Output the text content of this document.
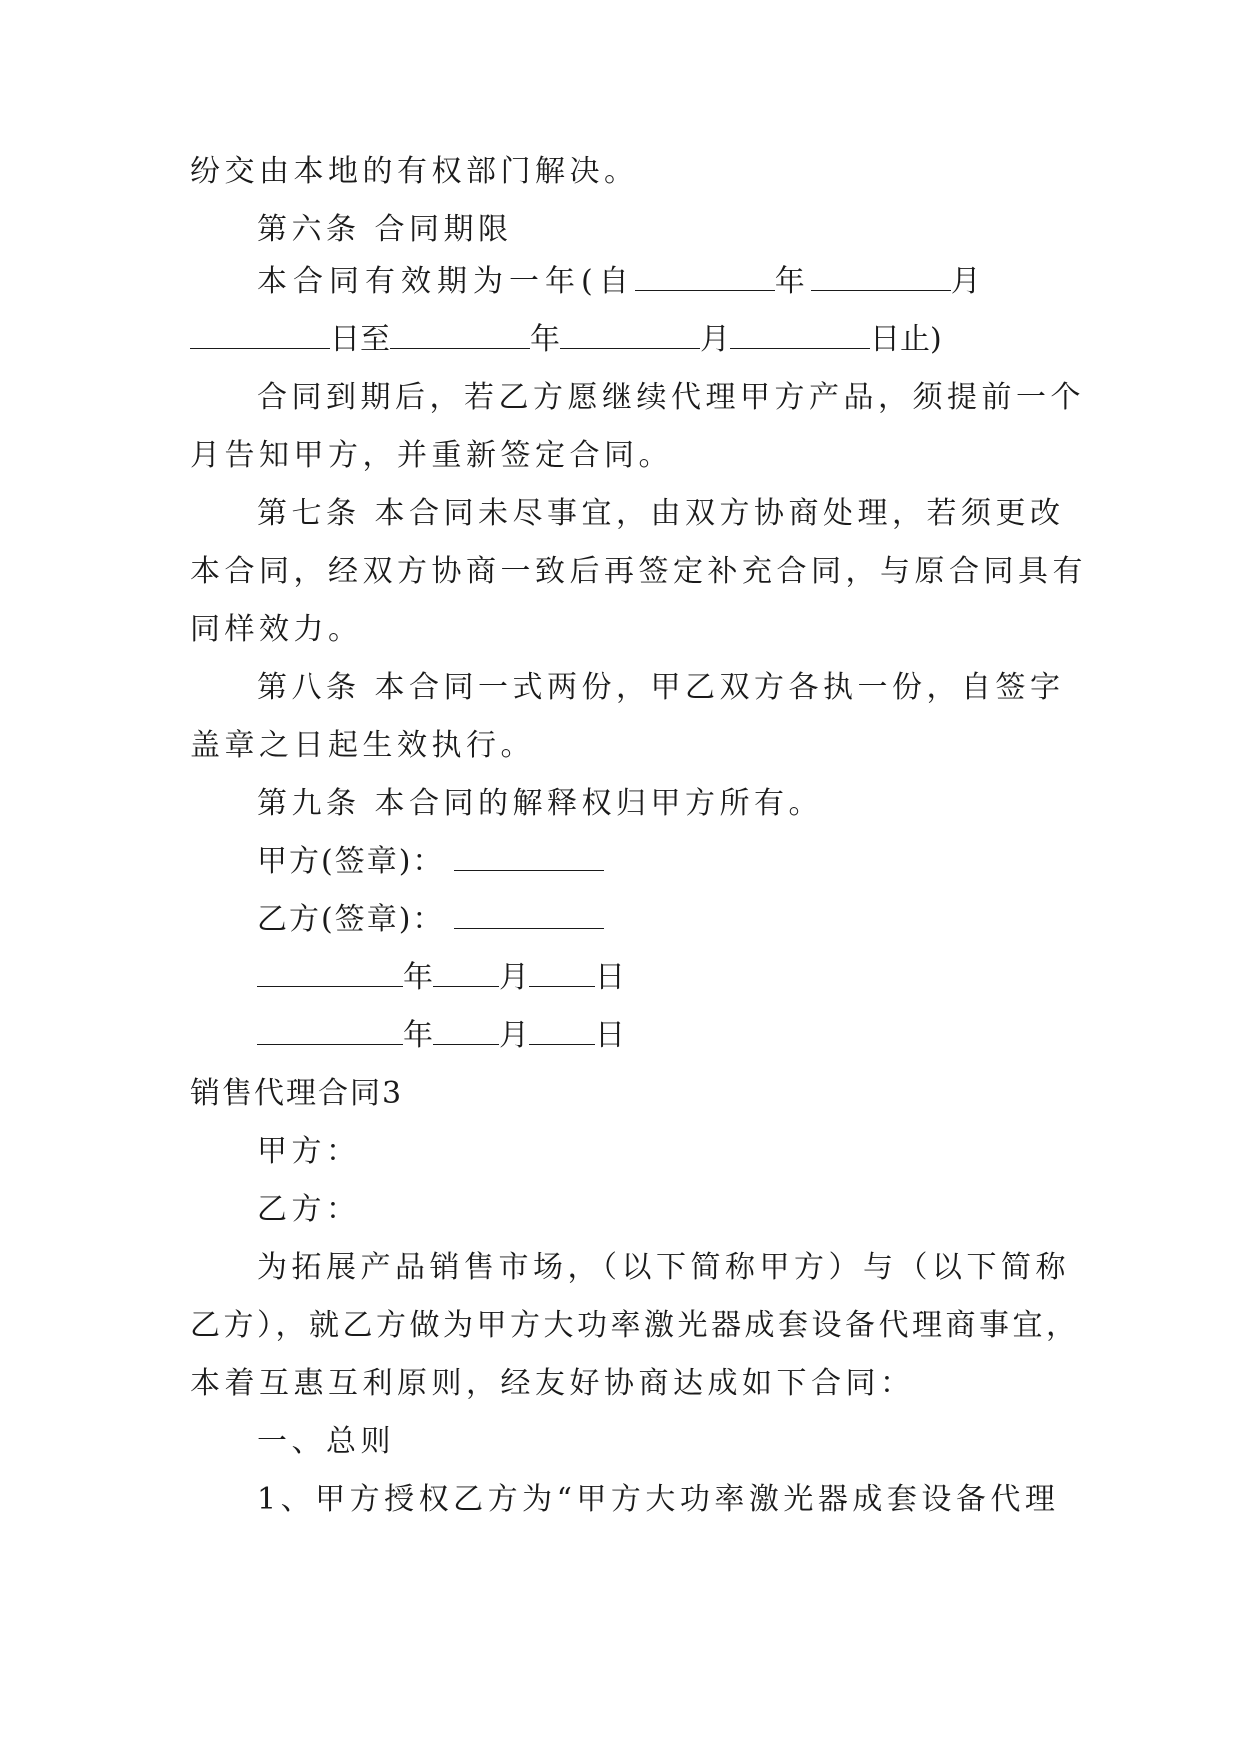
纷交由本地的有权部门解决。
第六条 合同期限
本合同有效期为一年(自	年	月
日至	年	月	日止)
合同到期后，若乙方愿继续代理甲方产品，须提前一个
月告知甲方，并重新签定合同。
第七条 本合同未尽事宜，由双方协商处理，若须更改
本合同，经双方协商一致后再签定补充合同，与原合同具有
同样效力。
第八条 本合同一式两份，甲乙双方各执一份，自签字
盖章之日起生效执行。
第九条 本合同的解释权归甲方所有。
甲方(签章)：
乙方(签章)：
年 月 日
年 月 日
销售代理合同3
甲方：
乙方：
为拓展产品销售市场，（以下简称甲方）与（以下简称
乙方），就乙方做为甲方大功率激光器成套设备代理商事宜，
本着互惠互利原则，经友好协商达成如下合同：
一、总则
1、甲方授权乙方为“甲方大功率激光器成套设备代理
